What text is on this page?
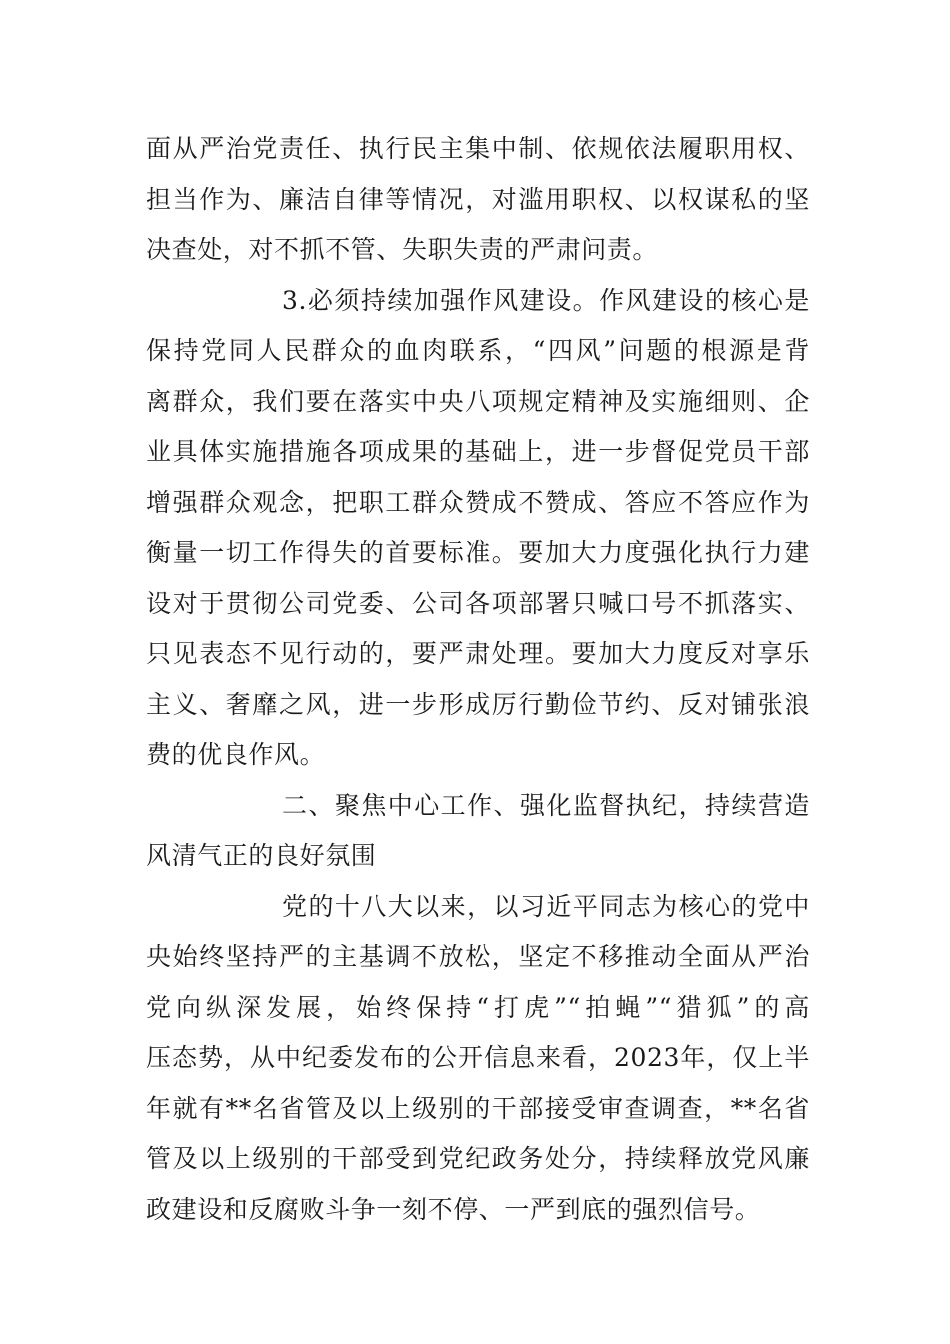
面从严治党责任、执行民主集中制、依规依法履职用权、
担当作为、廉洁自律等情况，对滥用职权、以权谋私的坚
决查处，对不抓不管、失职失责的严肃问责。
3.必须持续加强作风建设。作风建设的核心是
保持党同人民群众的血肉联系，“四风”问题的根源是背
离群众，我们要在落实中央八项规定精神及实施细则、企
业具体实施措施各项成果的基础上，进一步督促党员干部
增强群众观念，把职工群众赞成不赞成、答应不答应作为
衡量一切工作得失的首要标准。要加大力度强化执行力建
设对于贯彻公司党委、公司各项部署只喊口号不抓落实、
只见表态不见行动的，要严肃处理。要加大力度反对享乐
主义、奢靡之风，进一步形成厉行勤俭节约、反对铺张浪
费的优良作风。
二、聚焦中心工作、强化监督执纪，持续营造
风清气正的良好氛围
党的十八大以来，以习近平同志为核心的党中
央始终坚持严的主基调不放松，坚定不移推动全面从严治
党向纵深发展，始终保持“打虎”“拍蝇”“猎狐”的高
压态势，从中纪委发布的公开信息来看，2023年，仅上半
年就有**名省管及以上级别的干部接受审查调查，**名省
管及以上级别的干部受到党纪政务处分，持续释放党风廉
政建设和反腐败斗争一刻不停、一严到底的强烈信号。
